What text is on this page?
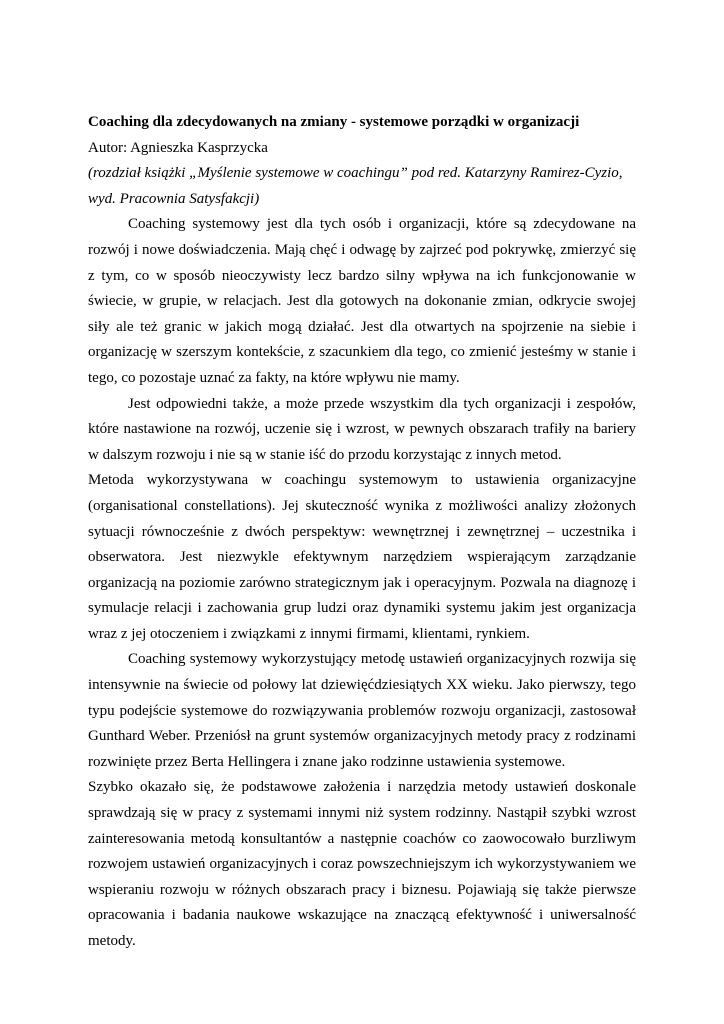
Coaching dla zdecydowanych na zmiany - systemowe porządki w organizacji

Autor: Agnieszka Kasprzycka

(rozdział książki „Myślenie systemowe w coachingu” pod red. Katarzyny Ramirez-Cyzio,

wyd. Pracownia Satysfakcji)

Coaching systemowy jest dla tych osób i organizacji, które są zdecydowane na rozwój i nowe doświadczenia. Mają chęć i odwagę by zajrzeć pod pokrywkę, zmierzyć się z tym, co w sposób nieoczywisty lecz bardzo silny wpływa na ich funkcjonowanie w świecie, w grupie, w relacjach. Jest dla gotowych na dokonanie zmian, odkrycie swojej siły ale też granic w jakich mogą działać. Jest dla otwartych na spojrzenie na siebie i organizację w szerszym kontekście, z szacunkiem dla tego, co zmienić jesteśmy w stanie i tego, co pozostaje uznać za fakty, na które wpływu nie mamy.

Jest odpowiedni także, a może przede wszystkim dla tych organizacji i zespołów, które nastawione na rozwój, uczenie się i wzrost, w pewnych obszarach trafiły na bariery w dalszym rozwoju i nie są w stanie iść do przodu korzystając z innych metod.

Metoda wykorzystywana w coachingu systemowym to ustawienia organizacyjne (organisational constellations). Jej skuteczność wynika z możliwości analizy złożonych sytuacji równocześnie z dwóch perspektyw: wewnętrznej i zewnętrznej – uczestnika i obserwatora. Jest niezwykle efektywnym narzędziem wspierającym zarządzanie organizacją na poziomie zarówno strategicznym jak i operacyjnym. Pozwala na diagnozę i symulacje relacji i zachowania grup ludzi oraz dynamiki systemu jakim jest organizacja wraz z jej otoczeniem i związkami z innymi firmami, klientami, rynkiem.

Coaching systemowy wykorzystujący metodę ustawień organizacyjnych rozwija się intensywnie na świecie od połowy lat dziewięćdziesiątych XX wieku. Jako pierwszy, tego typu podejście systemowe do rozwiązywania problemów rozwoju organizacji, zastosował Gunthard Weber. Przeniósł na grunt systemów organizacyjnych metody pracy z rodzinami rozwinięte przez Berta Hellingera i znane jako rodzinne ustawienia systemowe.

Szybko okazało się, że podstawowe założenia i narzędzia metody ustawień doskonale sprawdzają się w pracy z systemami innymi niż system rodzinny. Nastąpił szybki wzrost zainteresowania metodą konsultantów a następnie coachów co zaowocowało burzliwym rozwojem ustawień organizacyjnych i coraz powszechniejszym ich wykorzystywaniem we wspieraniu rozwoju w różnych obszarach pracy i biznesu. Pojawiają się także pierwsze opracowania i badania naukowe wskazujące na znaczącą efektywność i uniwersalność metody.
